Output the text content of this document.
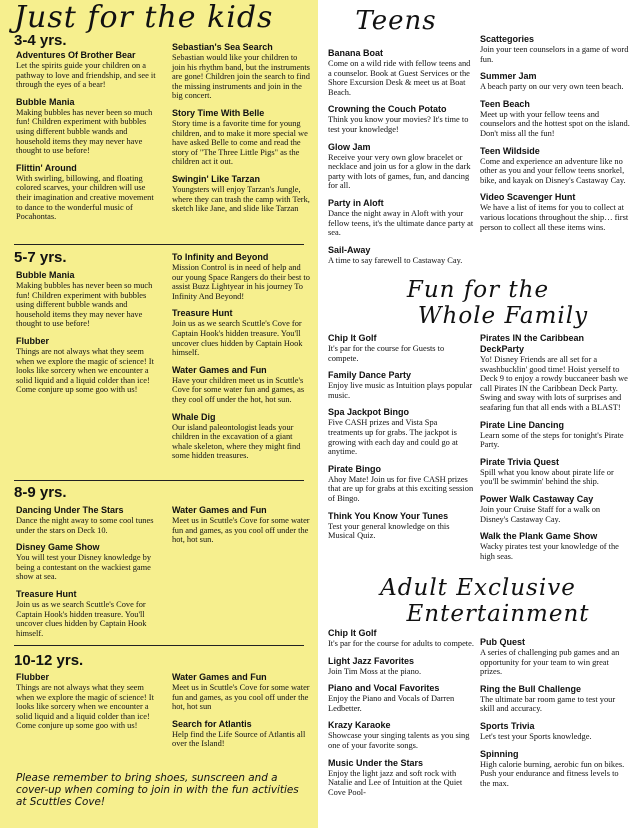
Just for the kids
3-4 yrs.
Adventures Of Brother Bear

Let the spirits guide your children on a pathway to love and friendship, and see it through the eyes of a bear!

Bubble Mania

Making bubbles has never been so much fun! Children experiment with bubbles using different bubble wands and household items they may never have thought to use before!

Flittin' Around

With swirling, billowing, and floating colored scarves, your children will use their imagination and creative movement to dance to the wonderful music of Pocahontas.

Sebastian's Sea Search

Sebastian would like your children to join his rhythm band, but the instruments are gone! Children join the search to find the missing instruments and join in the big concert.

Story Time With Belle

Story time is a favorite time for young children, and to make it more special we have asked Belle to come and read the story of "The Three Little Pigs" as the children act it out.

Swingin' Like Tarzan

Youngsters will enjoy Tarzan's Jungle, where they can trash the camp with Terk, sketch like Jane, and slide like Tarzan

5-7 yrs.
Bubble Mania

Making bubbles has never been so much fun! Children experiment with bubbles using different bubble wands and household items they may never have thought to use before!

Flubber

Things are not always what they seem when we explore the magic of science! It looks like sorcery when we encounter a solid liquid and a liquid colder than ice! Come conjure up some goo with us!

To Infinity and Beyond

Mission Control is in need of help and our young Space Rangers do their best to assist Buzz Lightyear in his journey To Infinity And Beyond!

Treasure Hunt

Join us as we search Scuttle's Cove for Captain Hook's hidden treasure. You'll uncover clues hidden by Captain Hook himself.

Water Games and Fun

Have your children meet us in Scuttle's Cove for some water fun and games, as they cool off under the hot, hot sun.

Whale Dig

Our island paleontologist leads your children in the excavation of a giant whale skeleton, where they might find some hidden treasures.

8-9 yrs.
Dancing Under The Stars

Dance the night away to some cool tunes under the stars on Deck 10.

Disney Game Show

You will test your Disney knowledge by being a contestant on the wackiest game show at sea.

Treasure Hunt

Join us as we search Scuttle's Cove for Captain Hook's hidden treasure. You'll uncover clues hidden by Captain Hook himself.

Water Games and Fun

Meet us in Scuttle's Cove for some water fun and games, as you cool off under the hot, hot sun.

10-12 yrs.
Flubber

Things are not always what they seem when we explore the magic of science! It looks like sorcery when we encounter a solid liquid and a liquid colder than ice! Come conjure up some goo with us!

Water Games and Fun

Meet us in Scuttle's Cove for some water fun and games, as you cool off under the hot, hot sun

Search for Atlantis

Help find the Life Source of Atlantis all over the Island!

Please remember to bring shoes, sunscreen and a cover-up when coming to join in with the fun activities at Scuttles Cove!
Teens
Banana Boat

Come on a wild ride with fellow teens and a counselor. Book at Guest Services or the Shore Excursion Desk & meet us at Boat Beach.

Crowning the Couch Potato

Think you know your movies? It's time to test your knowledge!

Glow Jam

Receive your very own glow bracelet or necklace and join us for a glow in the dark party with lots of games, fun, and dancing for all.

Party in Aloft

Dance the night away in Aloft with your fellow teens, it's the ultimate dance party at sea.

Sail-Away

A time to say farewell to Castaway Cay.

Scattegories

Join your teen counselors in a game of word fun.

Summer Jam

A beach party on our very own teen beach.

Teen Beach

Meet up with your fellow teens and counselors and the hottest spot on the island. Don't miss all the fun!

Teen Wildside

Come and experience an adventure like no other as you and your fellow teens snorkel, bike, and kayak on Disney's Castaway Cay.

Video Scavenger Hunt

We have a list of items for you to collect at various locations throughout the ship… first person to collect all these items wins.

Fun for the
Whole Family
Chip It Golf

It's par for the course for Guests to compete.

Family Dance Party

Enjoy live music as Intuition plays popular music.

Spa Jackpot Bingo

Five CASH prizes and Vista Spa treatments up for grabs. The jackpot is growing with each day and could go at anytime.

Pirate Bingo

Ahoy Mate! Join us for five CASH prizes that are up for grabs at this exciting session of Bingo.

Think You Know Your Tunes

Test your general knowledge on this Musical Quiz.

Pirates IN the Caribbean DeckParty

Yo! Disney Friends are all set for a swashbucklin' good time! Hoist yerself to Deck 9 to enjoy a rowdy buccaneer bash we call Pirates IN the Caribbean Deck Party. Swing and sway with lots of surprises and seafaring fun that all ends with a BLAST!

Pirate Line Dancing

Learn some of the steps for tonight's Pirate Party.

Pirate Trivia Quest

Spill what you know about pirate life or you'll be swimmin' behind the ship.

Power Walk Castaway Cay

Join your Cruise Staff for a walk on Disney's Castaway Cay.

Walk the Plank Game Show

Wacky pirates test your knowledge of the high seas.

Adult Exclusive
Entertainment
Chip It Golf

It's par for the course for adults to compete.

Light Jazz Favorites

Join Tim Moss at the piano.

Piano and Vocal Favorites

Enjoy the Piano and Vocals of Darren Ledbetter.

Krazy Karaoke

Showcase your singing talents as you sing one of your favorite songs.

Music Under the Stars

Enjoy the light jazz and soft rock with Natalie and Lee of Intuition at the Quiet Cove Pool-

Pub Quest

A series of challenging pub games and an opportunity for your team to win great prizes.

Ring the Bull Challenge

The ultimate bar room game to test your skill and accuracy.

Sports Trivia

Let's test your Sports knowledge.

Spinning

High calorie burning, aerobic fun on bikes. Push your endurance and fitness levels to the max.
